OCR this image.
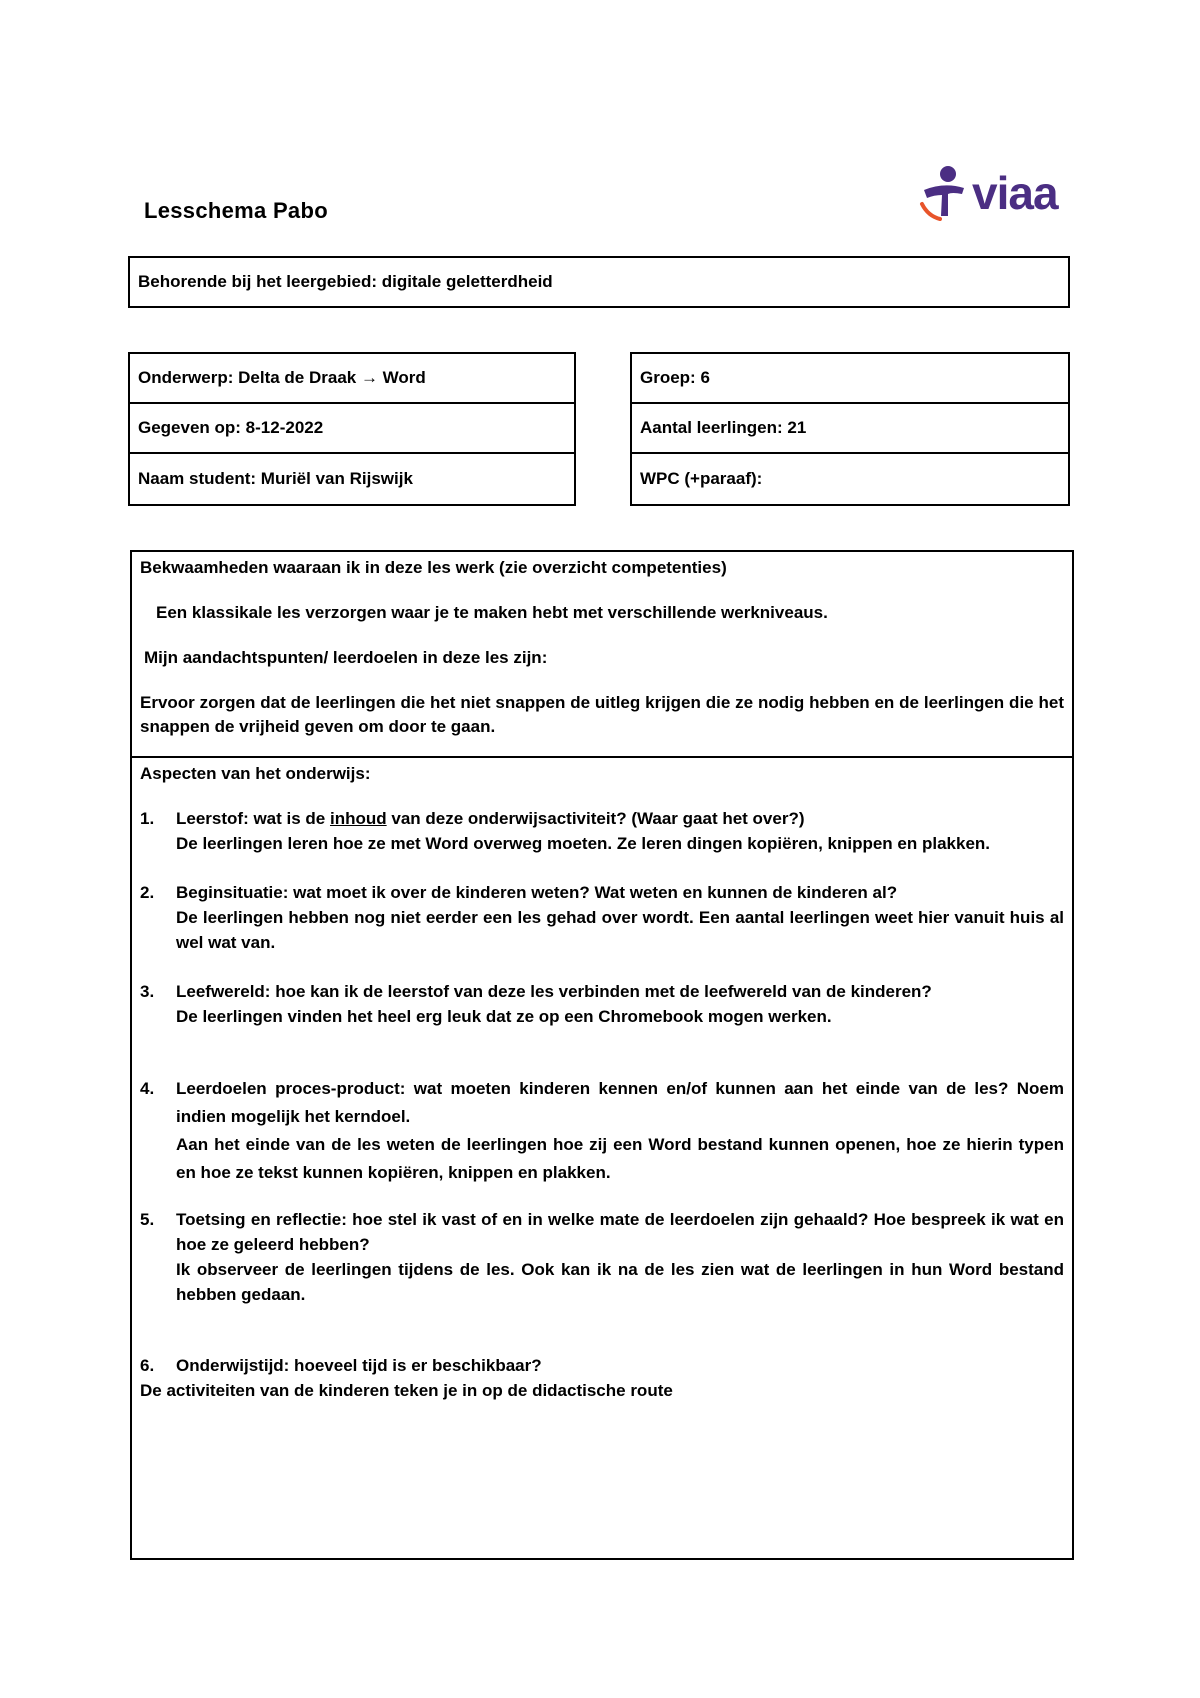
Lesschema Pabo	viaa
Behorende bij het leergebied: digitale geletterdheid
Onderwerp: Delta de Draak → Word
Gegeven op: 8-12-2022
Naam student: Muriël van Rijswijk
Groep: 6
Aantal leerlingen: 21
WPC (+paraaf):

Bekwaamheden waaraan ik in deze les werk (zie overzicht competenties)

Een klassikale les verzorgen waar je te maken hebt met verschillende werkniveaus.

Mijn aandachtspunten/ leerdoelen in deze les zijn:

Ervoor zorgen dat de leerlingen die het niet snappen de uitleg krijgen die ze nodig hebben en de leerlingen die het snappen de vrijheid geven om door te gaan.

Aspecten van het onderwijs:

1. Leerstof: wat is de inhoud van deze onderwijsactiviteit? (Waar gaat het over?)
De leerlingen leren hoe ze met Word overweg moeten. Ze leren dingen kopiëren, knippen en plakken.
2. Beginsituatie: wat moet ik over de kinderen weten? Wat weten en kunnen de kinderen al?
De leerlingen hebben nog niet eerder een les gehad over wordt. Een aantal leerlingen weet hier vanuit huis al wel wat van.
3. Leefwereld: hoe kan ik de leerstof van deze les verbinden met de leefwereld van de kinderen?
De leerlingen vinden het heel erg leuk dat ze op een Chromebook mogen werken.
4. Leerdoelen proces-product: wat moeten kinderen kennen en/of kunnen aan het einde van de les? Noem indien mogelijk het kerndoel.
Aan het einde van de les weten de leerlingen hoe zij een Word bestand kunnen openen, hoe ze hierin typen en hoe ze tekst kunnen kopiëren, knippen en plakken.
5. Toetsing en reflectie: hoe stel ik vast of en in welke mate de leerdoelen zijn gehaald? Hoe bespreek ik wat en hoe ze geleerd hebben?
Ik observeer de leerlingen tijdens de les. Ook kan ik na de les zien wat de leerlingen in hun Word bestand hebben gedaan.
6. Onderwijstijd: hoeveel tijd is er beschikbaar?

De activiteiten van de kinderen teken je in op de didactische route
